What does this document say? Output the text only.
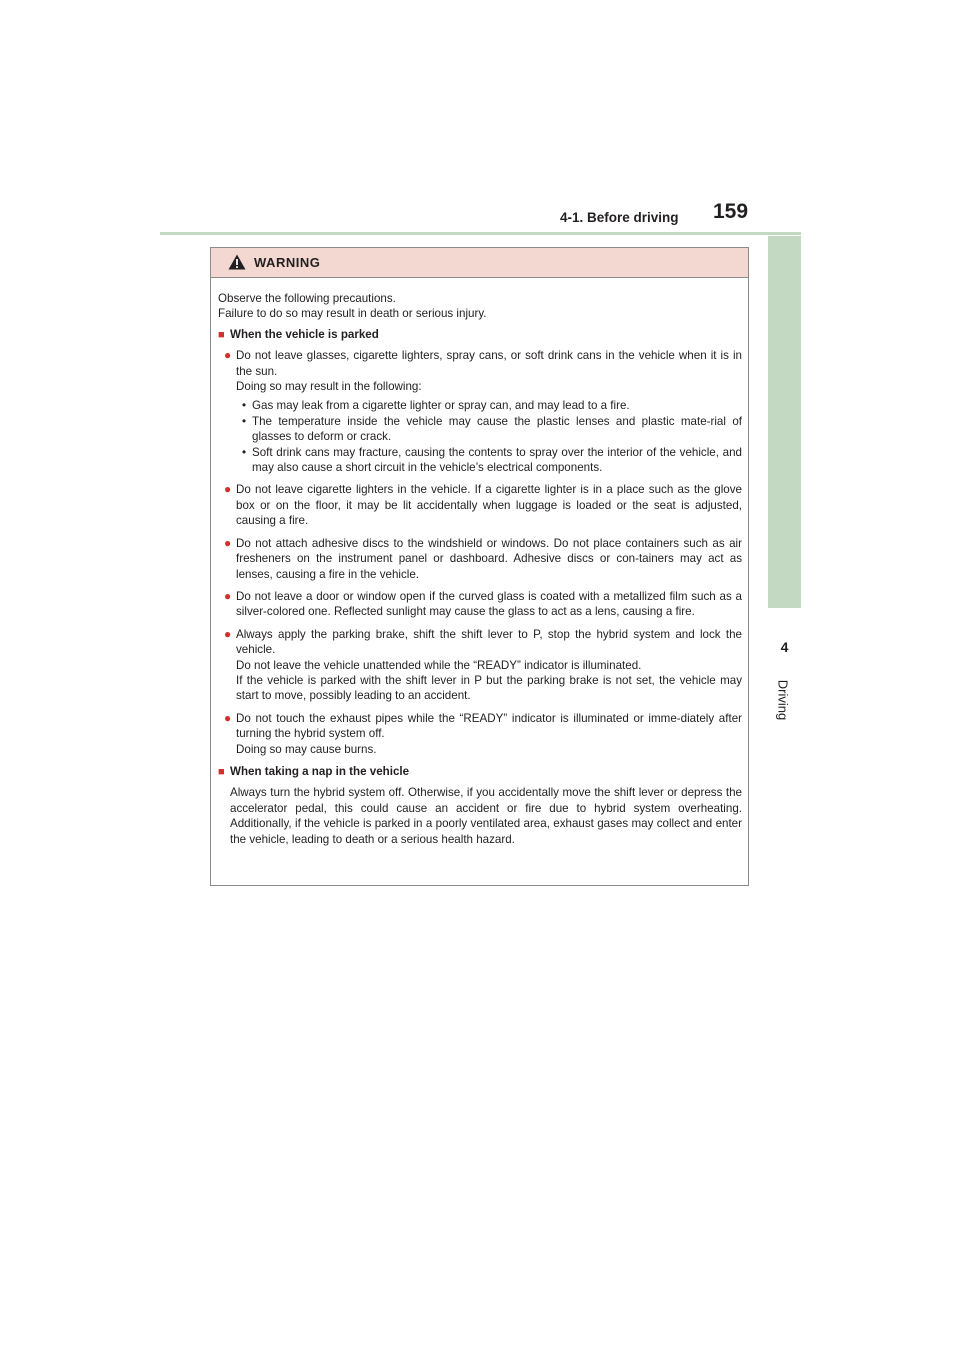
4-1. Before driving 159
4
Driving
WARNING

Observe the following precautions.

Failure to do so may result in death or serious injury.

■ When the vehicle is parked
● Do not leave glasses, cigarette lighters, spray cans, or soft drink cans in the vehicle when it is in the sun.

Doing so may result in the following:

• Gas may leak from a cigarette lighter or spray can, and may lead to a fire.
• The temperature inside the vehicle may cause the plastic lenses and plastic mate-rial of glasses to deform or crack.
• Soft drink cans may fracture, causing the contents to spray over the interior of the vehicle, and may also cause a short circuit in the vehicle’s electrical components.
● Do not leave cigarette lighters in the vehicle. If a cigarette lighter is in a place such as the glove box or on the floor, it may be lit accidentally when luggage is loaded or the seat is adjusted, causing a fire.

● Do not attach adhesive discs to the windshield or windows. Do not place containers such as air fresheners on the instrument panel or dashboard. Adhesive discs or con-tainers may act as lenses, causing a fire in the vehicle.

● Do not leave a door or window open if the curved glass is coated with a metallized film such as a silver-colored one. Reflected sunlight may cause the glass to act as a lens, causing a fire.

● Always apply the parking brake, shift the shift lever to P, stop the hybrid system and lock the vehicle.

Do not leave the vehicle unattended while the “READY” indicator is illuminated.

If the vehicle is parked with the shift lever in P but the parking brake is not set, the vehicle may start to move, possibly leading to an accident.

● Do not touch the exhaust pipes while the “READY” indicator is illuminated or imme-diately after turning the hybrid system off.

Doing so may cause burns.

■ When taking a nap in the vehicle

Always turn the hybrid system off. Otherwise, if you accidentally move the shift lever or depress the accelerator pedal, this could cause an accident or fire due to hybrid system overheating. Additionally, if the vehicle is parked in a poorly ventilated area, exhaust gases may collect and enter the vehicle, leading to death or a serious health hazard.
